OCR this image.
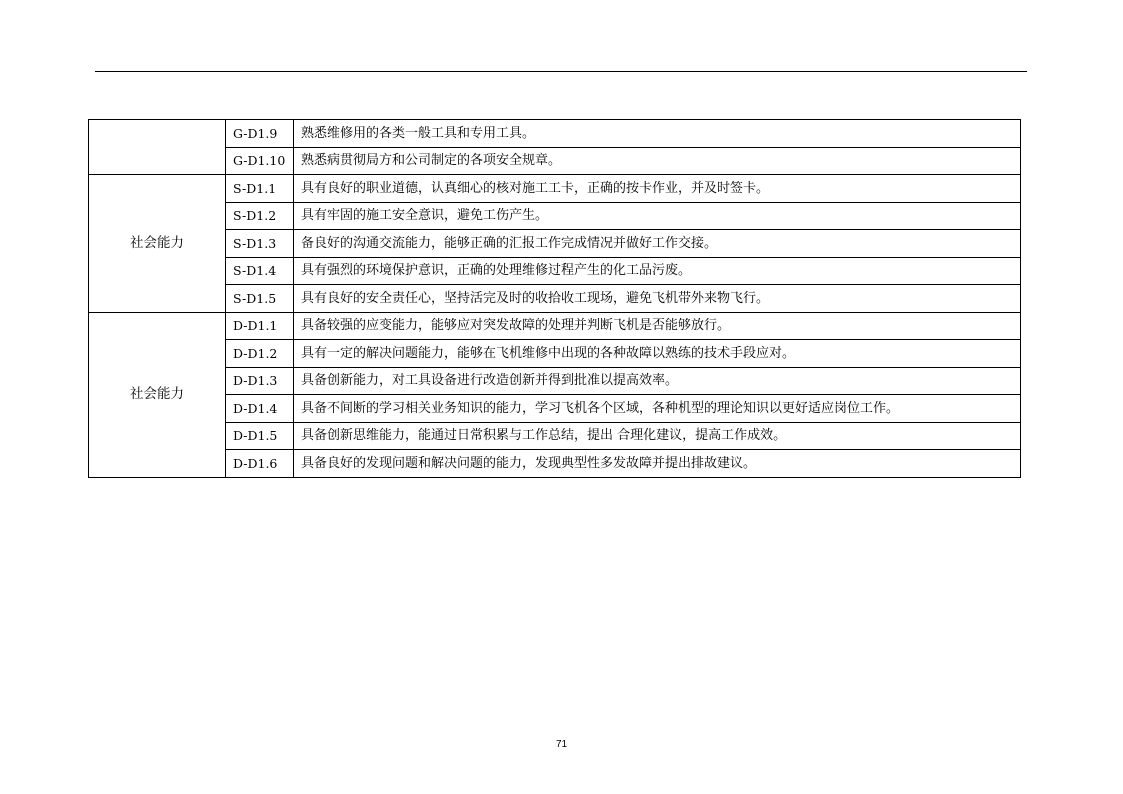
	G-D1.9	熟悉维修用的各类一般工具和专用工具。
	G-D1.10	熟悉病贯彻局方和公司制定的各项安全规章。
社会能力	S-D1.1	具有良好的职业道德，认真细心的核对施工工卡，正确的按卡作业，并及时签卡。
	S-D1.2	具有牢固的施工安全意识，避免工伤产生。
	S-D1.3	备良好的沟通交流能力，能够正确的汇报工作完成情况并做好工作交接。
	S-D1.4	具有强烈的环境保护意识，正确的处理维修过程产生的化工品污废。
	S-D1.5	具有良好的安全责任心，坚持活完及时的收拾收工现场，避免飞机带外来物飞行。
社会能力	D-D1.1	具备较强的应变能力，能够应对突发故障的处理并判断飞机是否能够放行。
	D-D1.2	具有一定的解决问题能力，能够在飞机维修中出现的各种故障以熟练的技术手段应对。
	D-D1.3	具备创新能力，对工具设备进行改造创新并得到批准以提高效率。
	D-D1.4	具备不间断的学习相关业务知识的能力，学习飞机各个区域，各种机型的理论知识以更好适应岗位工作。
	D-D1.5	具备创新思维能力，能通过日常积累与工作总结，提出 合理化建议，提高工作成效。
	D-D1.6	具备良好的发现问题和解决问题的能力，发现典型性多发故障并提出排故建议。
71
